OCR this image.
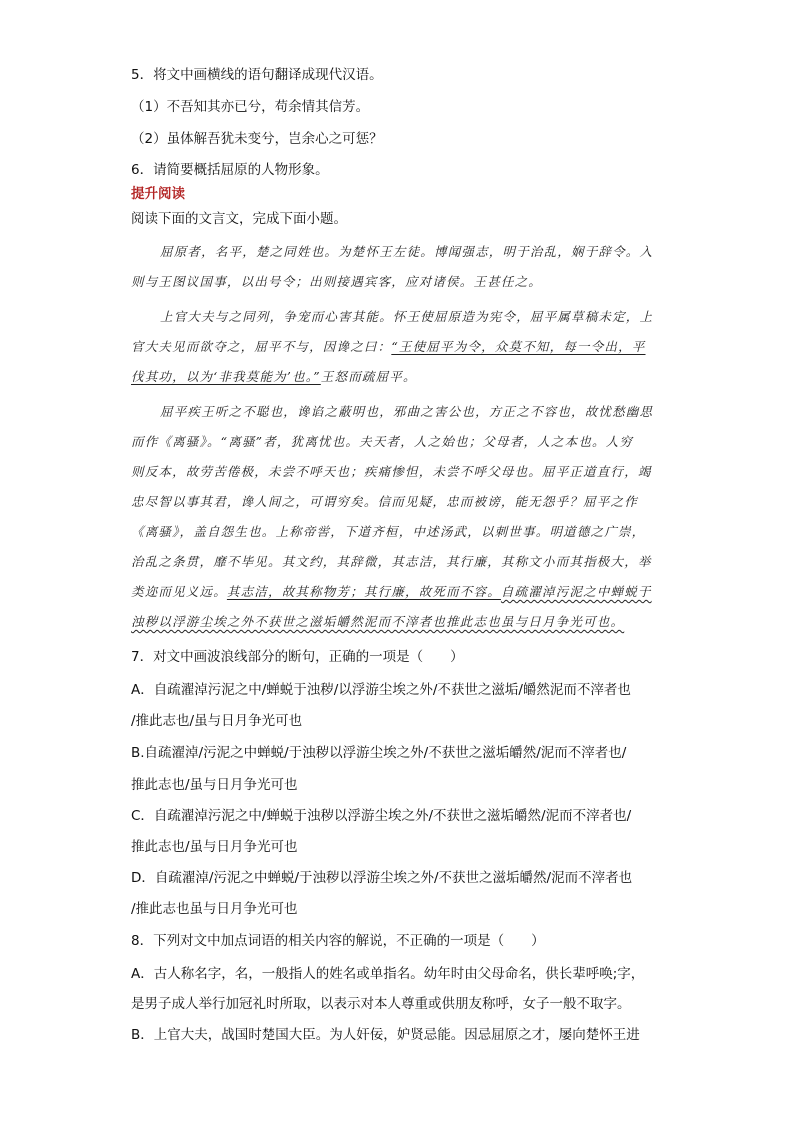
5．将文中画横线的语句翻译成现代汉语。
（1）不吾知其亦已兮，苟余情其信芳。
（2）虽体解吾犹未变兮，岂余心之可惩？
6．请简要概括屈原的人物形象。
提升阅读
阅读下面的文言文，完成下面小题。
屈原者，名平，楚之同姓也。为楚怀王左徒。博闻强志，明于治乱，娴于辞令。入
则与王图议国事，以出号令；出则接遇宾客，应对诸侯。王甚任之。
上官大夫与之同列，争宠而心害其能。怀王使屈原造为宪令，屈平属草稿未定，上
官大夫见而欲夺之，屈平不与，因谗之曰：“王使屈平为令，众莫不知，每一令出，平
伐其功，以为‘非我莫能为’也。”王怒而疏屈平。
屈平疾王听之不聪也，谗谄之蔽明也，邪曲之害公也，方正之不容也，故忧愁幽思
而作《离骚》。“离骚”者，犹离忧也。夫天者，人之始也；父母者，人之本也。人穷
则反本，故劳苦倦极，未尝不呼天也；疾痛惨怛，未尝不呼父母也。屈平正道直行，竭
忠尽智以事其君，谗人间之，可谓穷矣。信而见疑，忠而被谤，能无怨乎？屈平之作
《离骚》，盖自怨生也。上称帝喾，下道齐桓，中述汤武，以刺世事。明道德之广崇，
治乱之条贯，靡不毕见。其文约，其辞微，其志洁，其行廉，其称文小而其指极大，举
类迩而见义远。其志洁，故其称物芳；其行廉，故死而不容。自疏濯淖污泥之中蝉蜕于
浊秽以浮游尘埃之外不获世之滋垢皭然泥而不滓者也推此志也虽与日月争光可也。
7．对文中画波浪线部分的断句，正确的一项是（　　）
A．自疏濯淖污泥之中/蝉蜕于浊秽/以浮游尘埃之外/不获世之滋垢/皭然泥而不滓者也
/推此志也/虽与日月争光可也
B.自疏濯淖/污泥之中蝉蜕/于浊秽以浮游尘埃之外/不获世之滋垢皭然/泥而不滓者也/
推此志也/虽与日月争光可也
C．自疏濯淖污泥之中/蝉蜕于浊秽以浮游尘埃之外/不获世之滋垢皭然/泥而不滓者也/
推此志也/虽与日月争光可也
D．自疏濯淖/污泥之中蝉蜕/于浊秽以浮游尘埃之外/不获世之滋垢皭然/泥而不滓者也
/推此志也虽与日月争光可也
8．下列对文中加点词语的相关内容的解说，不正确的一项是（　　）
A．古人称名字，名，一般指人的姓名或单指名。幼年时由父母命名，供长辈呼唤;字，
是男子成人举行加冠礼时所取，以表示对本人尊重或供朋友称呼，女子一般不取字。
B．上官大夫，战国时楚国大臣。为人奸佞，妒贤忌能。因忌屈原之才，屡向楚怀王进
